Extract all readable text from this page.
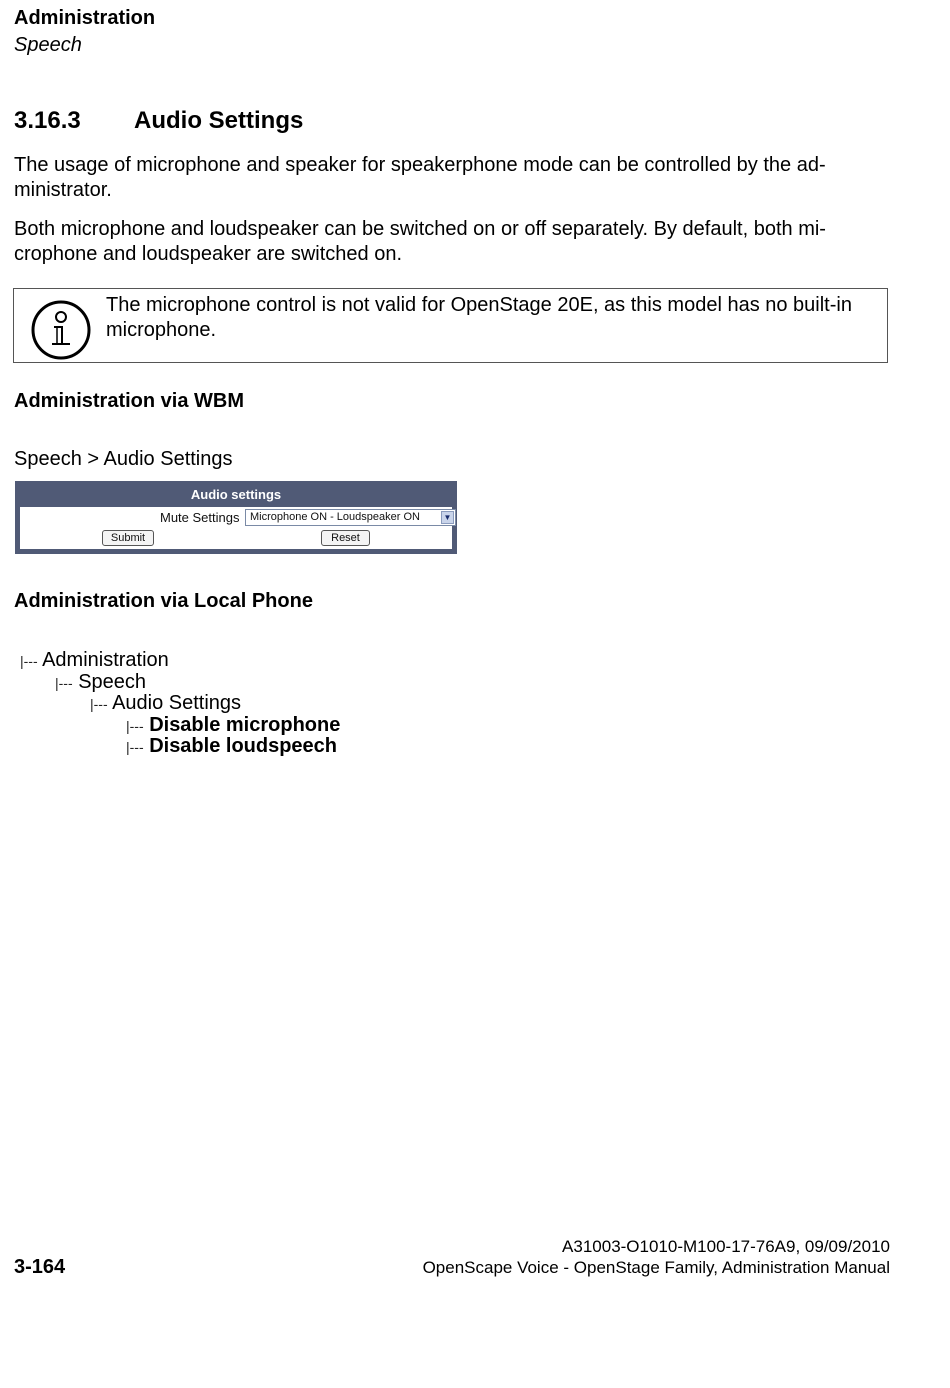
Administration
Speech
3.16.3 Audio Settings
The usage of microphone and speaker for speakerphone mode can be controlled by the ad-ministrator.
Both microphone and loudspeaker can be switched on or off separately. By default, both mi-crophone and loudspeaker are switched on.
The microphone control is not valid for OpenStage 20E, as this model has no built-in microphone.
Administration via WBM
Speech > Audio Settings
Audio settings
Mute Settings Microphone ON - Loudspeaker ON	▼
Submit	Reset
Administration via Local Phone
|--- Administration
|--- Speech
|--- Audio Settings
|--- Disable microphone
|--- Disable loudspeech
A31003-O1010-M100-17-76A9, 09/09/2010
3-164	OpenScape Voice - OpenStage Family, Administration Manual
